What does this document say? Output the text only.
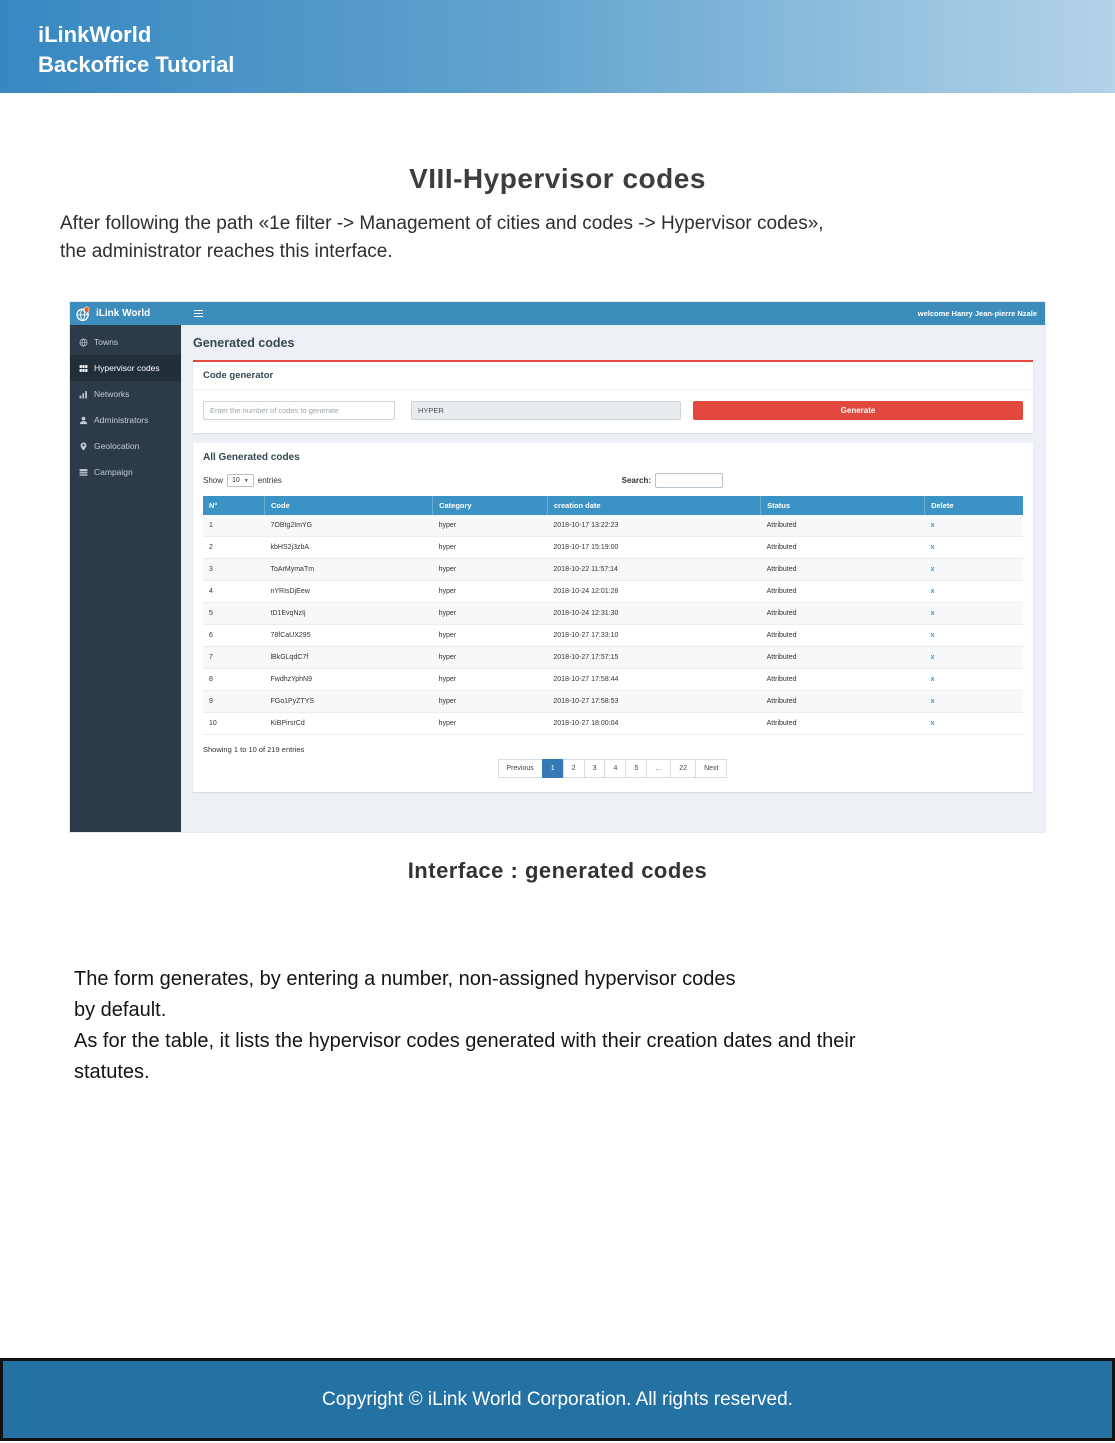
iLinkWorld
Backoffice Tutorial
VIII-Hypervisor codes
After following the path «1e filter -> Management of cities and codes -> Hypervisor codes»,
the administrator reaches this interface.
iLink World	welcome Hanry Jean-pierre Nzale
Towns
Hypervisor codes
Networks
Administrators
Geolocation
Campaign
Generated codes
Code generator
Enter the number of codes to generate
HYPER
Generate
All Generated codes
Show 10 ▼ entries	Search:
N°	Code	Category	creation date	Status	Delete
1	7OBtg2ImYG	hyper	2018-10-17 13:22:23	Attributed	x
2	kbHS2j3zbA	hyper	2018-10-17 15:19:00	Attributed	x
3	ToArMymaTm	hyper	2018-10-22 11:57:14	Attributed	x
4	nYRIsDjEew	hyper	2018-10-24 12:01:28	Attributed	x
5	tD1EvqNzIj	hyper	2018-10-24 12:31:30	Attributed	x
6	78fCaUX295	hyper	2018-10-27 17:33:10	Attributed	x
7	lBkGLqdC7f	hyper	2018-10-27 17:57:15	Attributed	x
8	FwdhzYphN9	hyper	2018-10-27 17:58:44	Attributed	x
9	FGo1PyZTYS	hyper	2018-10-27 17:58:53	Attributed	x
10	KiBPirsrCd	hyper	2018-10-27 18:00:04	Attributed	x
Showing 1 to 10 of 219 entries
Previous	1	2	3	4	5	…	22	Next
Interface : generated codes
The form generates, by entering a number, non-assigned hypervisor codes
by default.
As for the table, it lists the hypervisor codes generated with their creation dates and their
statutes.
Copyright © iLink World Corporation. All rights reserved.
